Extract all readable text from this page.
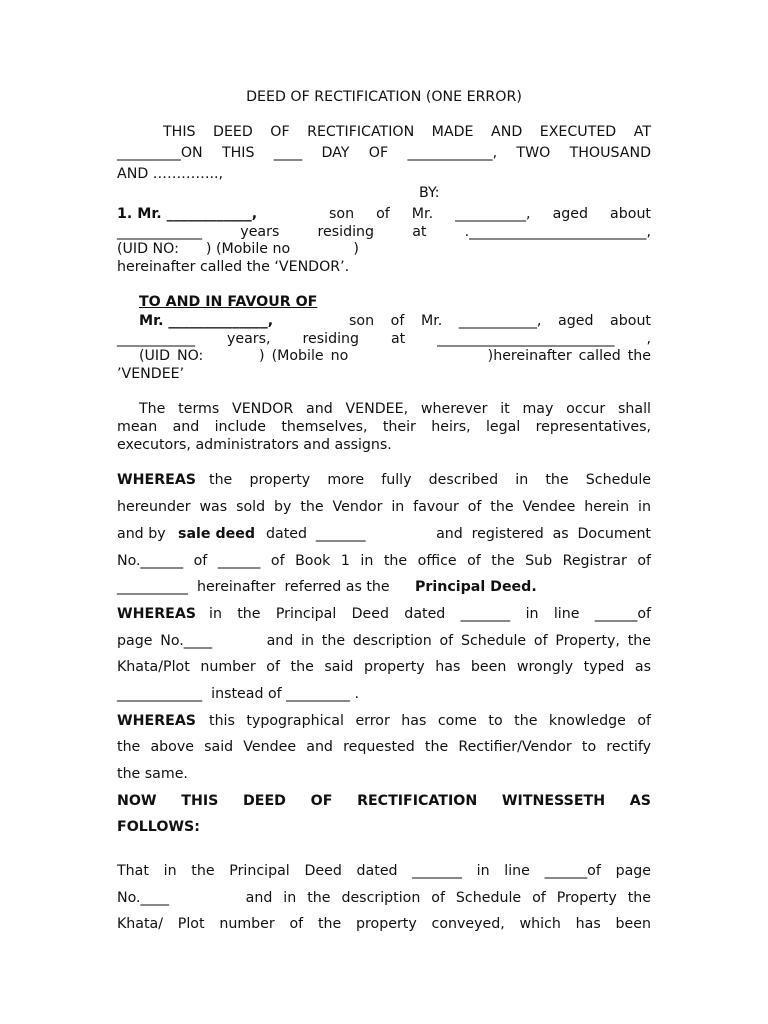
DEED OF RECTIFICATION (ONE ERROR)
THIS DEED OF RECTIFICATION MADE AND EXECUTED AT
_________ON THIS ____ DAY OF ____________, TWO THOUSAND
AND …………..,
BY:
1. Mr. ____________,	son of Mr. __________, aged about
____________ years residing at ._________________________,
(UID NO:      ) (Mobile no              )
hereinafter called the ‘VENDOR’.
TO AND IN FAVOUR OF
Mr. ______________,	son of Mr. ___________, aged about
___________ years, residing at _________________________ ,
(UID NO:        ) (Mobile no                    )hereinafter called the
’VENDEE’
The terms VENDOR and VENDEE, wherever it may occur shall
mean and include themselves, their heirs, legal representatives,
executors, administrators and assigns.
WHEREAS the property more fully described in the Schedule
hereunder was sold by the Vendor in favour of the Vendee herein in
and by sale deed dated _______        and registered as Document
No.______ of ______ of Book 1 in the office of the Sub Registrar of
__________  hereinafter  referred as the	Principal Deed.
WHEREAS in the Principal Deed dated _______ in line ______of
page No.____       and in the description of Schedule of Property, the
Khata/Plot number of the said property has been wrongly typed as
____________  instead of _________ .
WHEREAS this typographical error has come to the knowledge of
the above said Vendee and requested the Rectifier/Vendor to rectify
the same.
NOW THIS DEED OF RECTIFICATION WITNESSETH AS
FOLLOWS:
That in the Principal Deed dated _______ in line ______of page
No.____       and in the description of Schedule of Property the
Khata/ Plot number of the property conveyed, which has been
